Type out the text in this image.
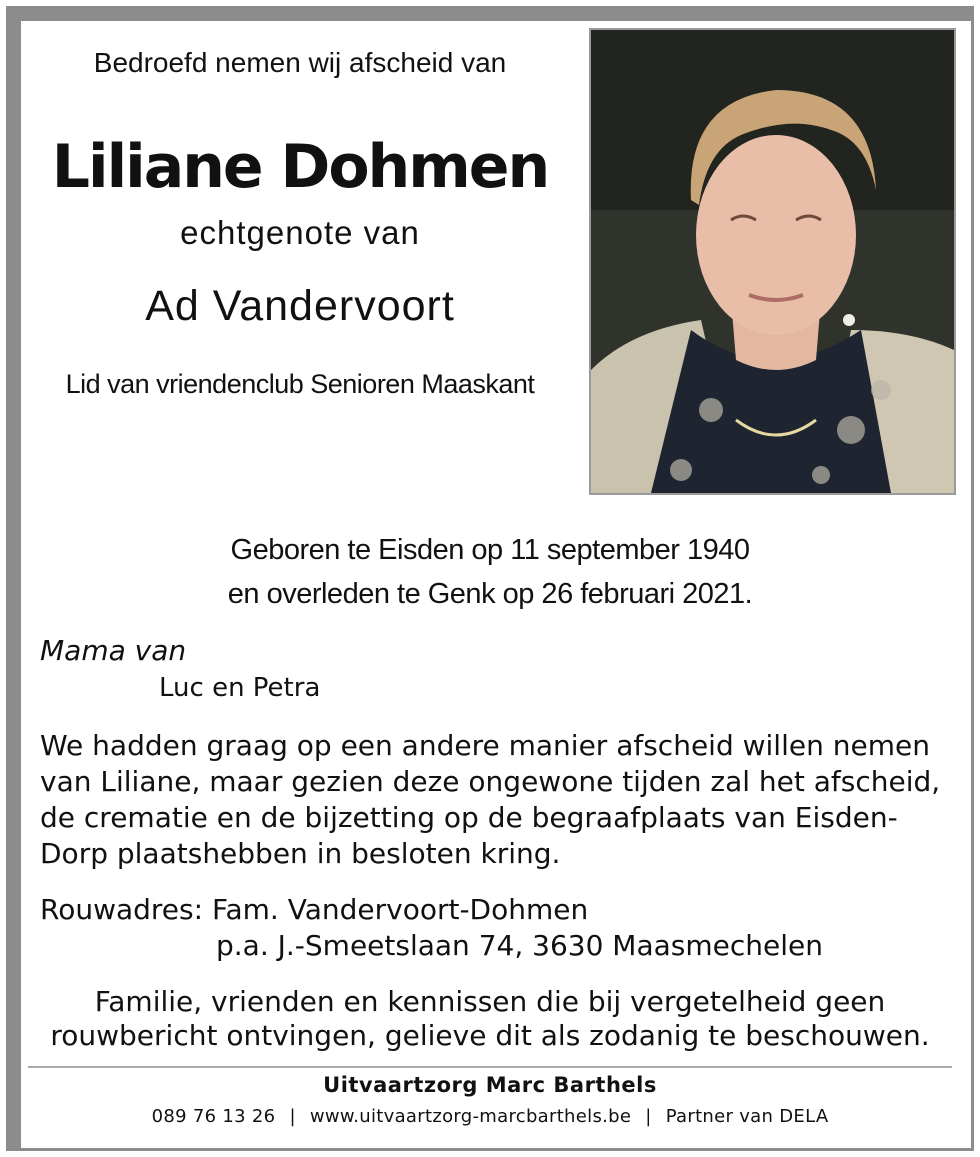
Bedroefd nemen wij afscheid van
Liliane Dohmen
echtgenote van
Ad Vandervoort
Lid van vriendenclub Senioren Maaskant
Geboren te Eisden op 11 september 1940
en overleden te Genk op 26 februari 2021.
Mama van
Luc en Petra
We hadden graag op een andere manier afscheid willen nemen van Liliane, maar gezien deze ongewone tijden zal het afscheid, de crematie en de bijzetting op de begraafplaats van Eisden-Dorp plaatshebben in besloten kring.
Rouwadres: Fam. Vandervoort-Dohmen
p.a. J.-Smeetslaan 74, 3630 Maasmechelen
Familie, vrienden en kennissen die bij vergetelheid geen rouwbericht ontvingen, gelieve dit als zodanig te beschouwen.
Uitvaartzorg Marc Barthels
089 76 13 26 | www.uitvaartzorg-marcbarthels.be | Partner van DELA
